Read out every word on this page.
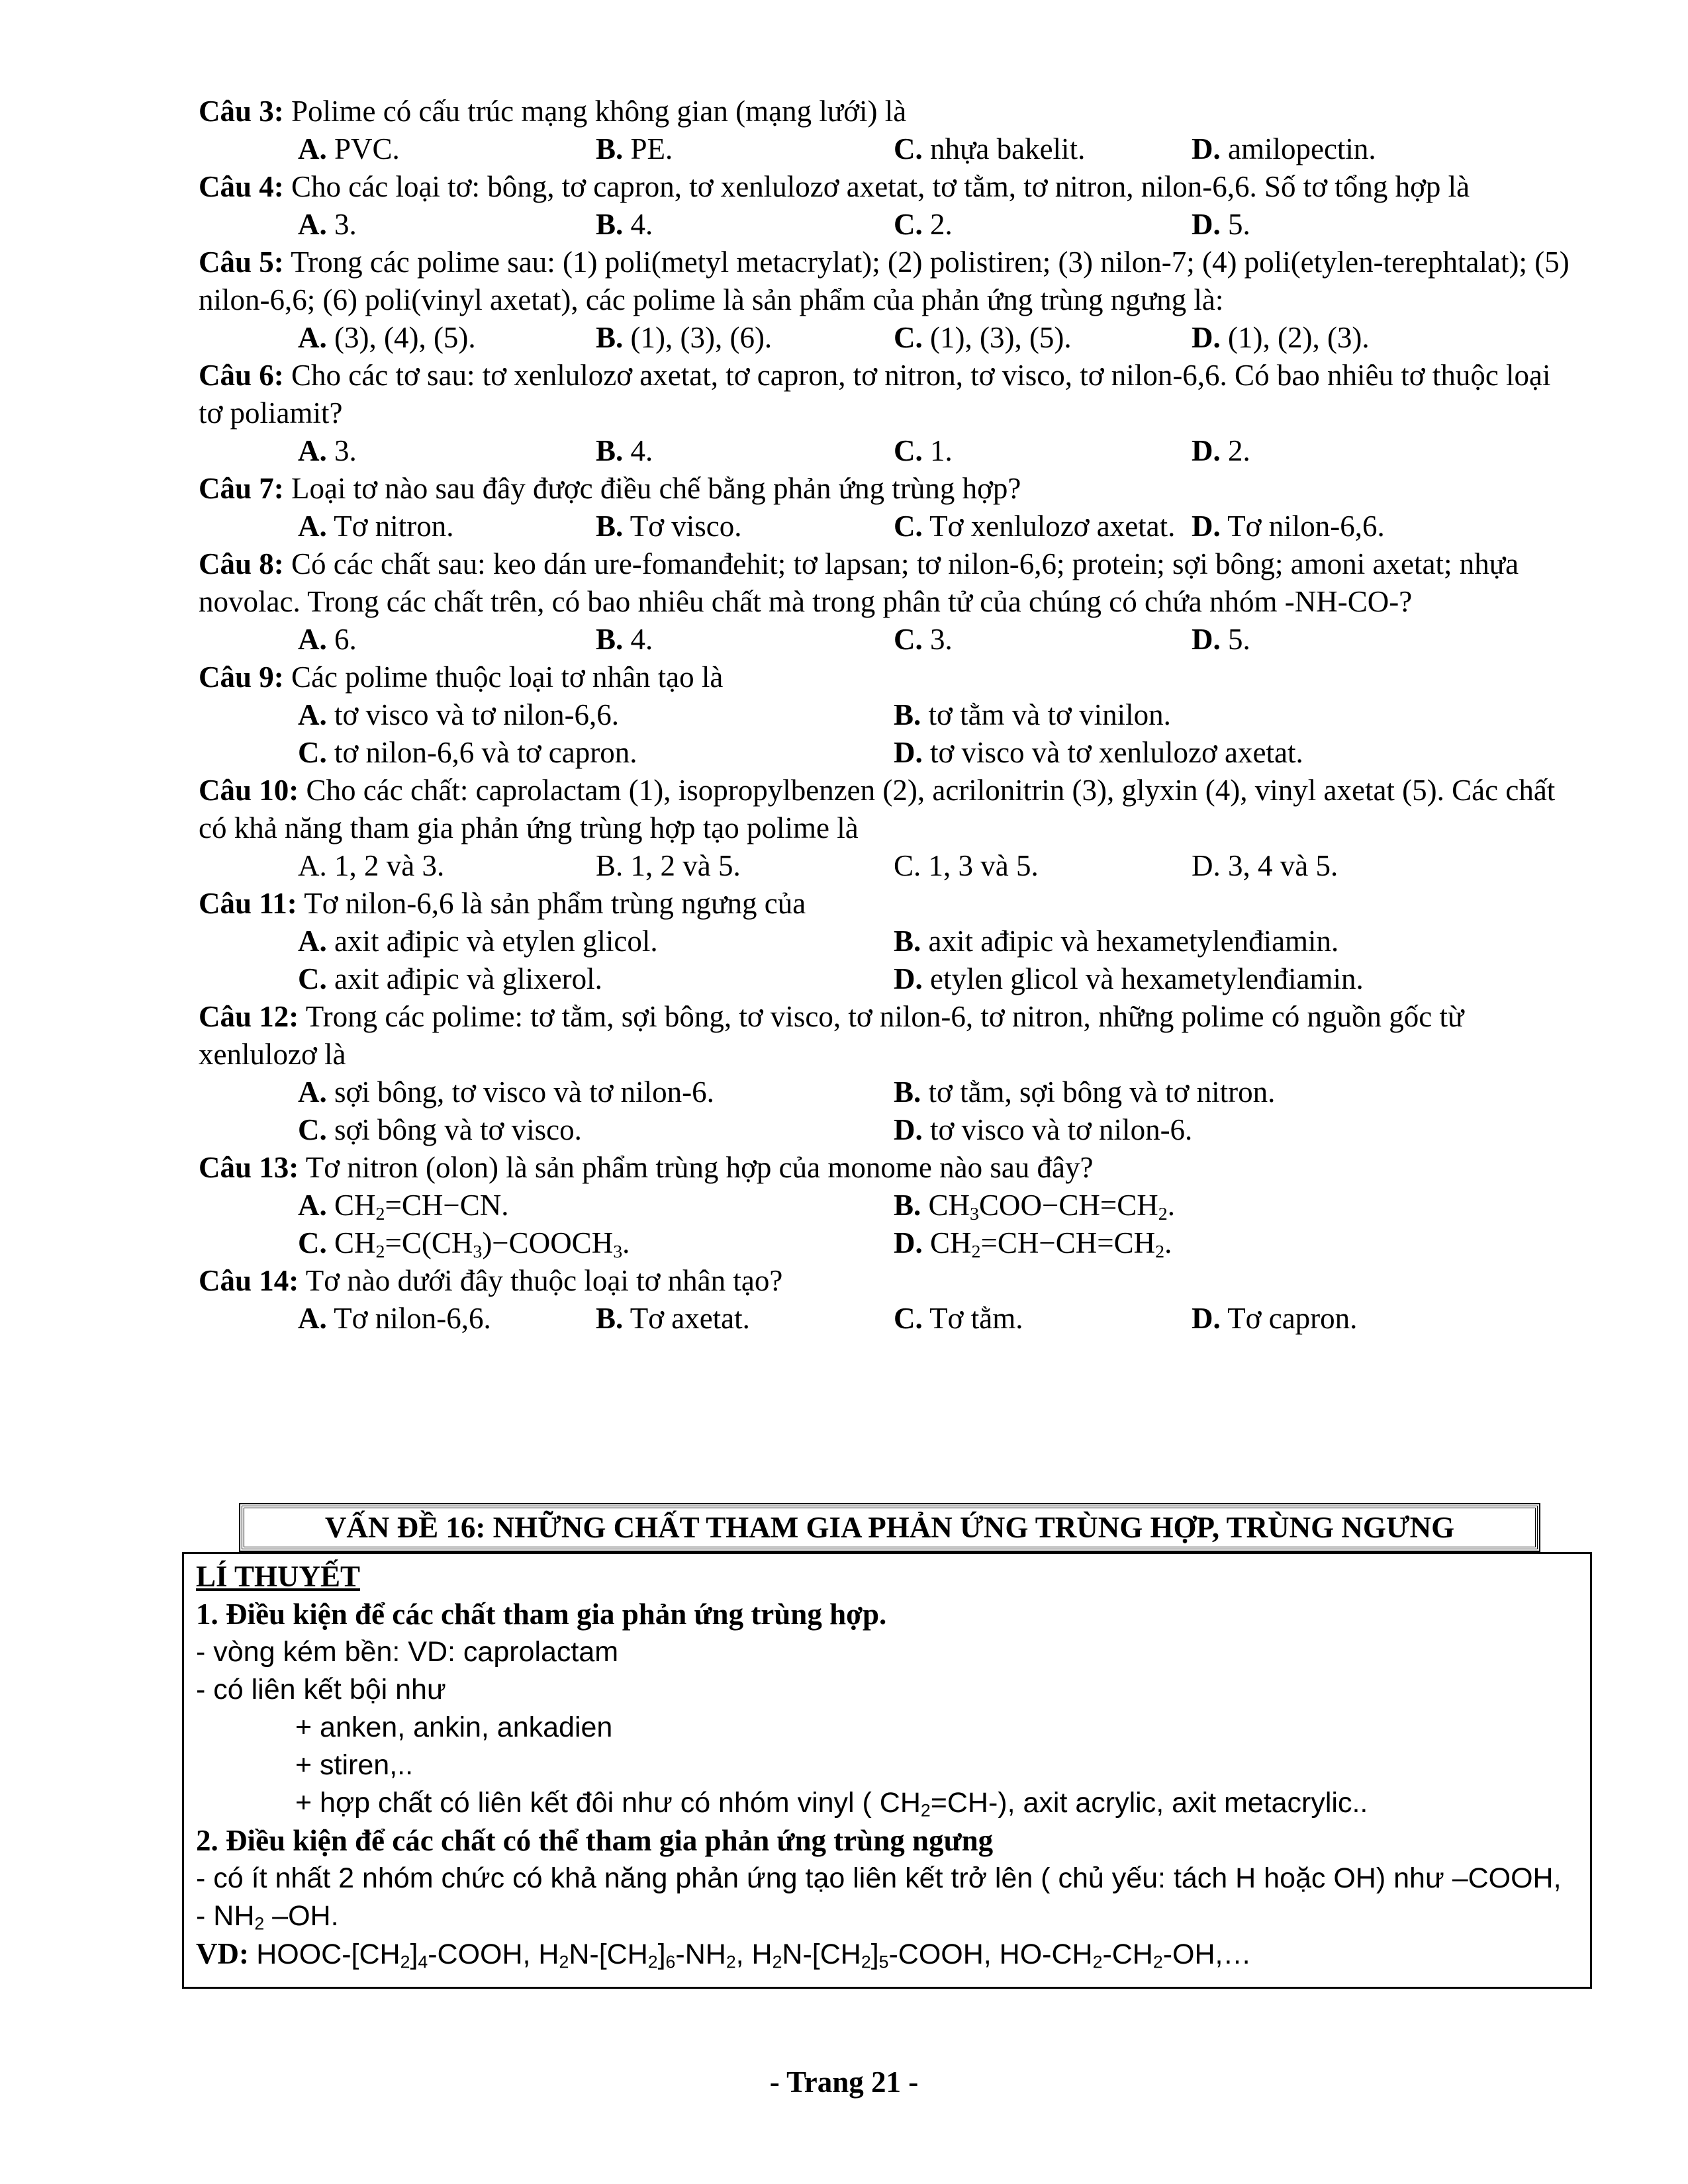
Câu 3: Polime có cấu trúc mạng không gian (mạng lưới) là
A. PVC.	B. PE.	C. nhựa bakelit.	D. amilopectin.
Câu 4: Cho các loại tơ: bông, tơ capron, tơ xenlulozơ axetat, tơ tằm, tơ nitron, nilon-6,6. Số tơ tổng hợp là
A. 3.	B. 4.	C. 2.	D. 5.
Câu 5: Trong các polime sau: (1) poli(metyl metacrylat); (2) polistiren; (3) nilon-7; (4) poli(etylen-terephtalat); (5) nilon-6,6; (6) poli(vinyl axetat), các polime là sản phẩm của phản ứng trùng ngưng là:
A. (3), (4), (5).	B. (1), (3), (6).	C. (1), (3), (5).	D. (1), (2), (3).
Câu 6: Cho các tơ sau: tơ xenlulozơ axetat, tơ capron, tơ nitron, tơ visco, tơ nilon-6,6. Có bao nhiêu tơ thuộc loại tơ poliamit?
A. 3.	B. 4.	C. 1.	D. 2.
Câu 7: Loại tơ nào sau đây được điều chế bằng phản ứng trùng hợp?
A. Tơ nitron.	B. Tơ visco.	C. Tơ xenlulozơ axetat. D. Tơ nilon-6,6.
Câu 8: Có các chất sau: keo dán ure-fomanđehit; tơ lapsan; tơ nilon-6,6; protein; sợi bông; amoni axetat; nhựa novolac. Trong các chất trên, có bao nhiêu chất mà trong phân tử của chúng có chứa nhóm -NH-CO-?
A. 6.	B. 4.	C. 3.	D. 5.
Câu 9: Các polime thuộc loại tơ nhân tạo là
A. tơ visco và tơ nilon-6,6.	B. tơ tằm và tơ vinilon.
C. tơ nilon-6,6 và tơ capron.	D. tơ visco và tơ xenlulozơ axetat.
Câu 10: Cho các chất: caprolactam (1), isopropylbenzen (2), acrilonitrin (3), glyxin (4), vinyl axetat (5). Các chất có khả năng tham gia phản ứng trùng hợp tạo polime là
A. 1, 2 và 3.	B. 1, 2 và 5.	C. 1, 3 và 5.	D. 3, 4 và 5.
Câu 11: Tơ nilon-6,6 là sản phẩm trùng ngưng của
A. axit ađipic và etylen glicol.	B. axit ađipic và hexametylenđiamin.
C. axit ađipic và glixerol.	D. etylen glicol và hexametylenđiamin.
Câu 12: Trong các polime: tơ tằm, sợi bông, tơ visco, tơ nilon-6, tơ nitron, những polime có nguồn gốc từ xenlulozơ là
A. sợi bông, tơ visco và tơ nilon-6.	B. tơ tằm, sợi bông và tơ nitron.
C. sợi bông và tơ visco.	D. tơ visco và tơ nilon-6.
Câu 13: Tơ nitron (olon) là sản phẩm trùng hợp của monome nào sau đây?
A. $CH_2=CH-CN$.	B. $CH_3COO-CH=CH_2$.
C. $CH_2=C(CH_3)-COOCH_3$.	D. $CH_2=CH-CH=CH_2$.
Câu 14: Tơ nào dưới đây thuộc loại tơ nhân tạo?
A. Tơ nilon-6,6.	B. Tơ axetat.	C. Tơ tằm.	D. Tơ capron.
VẤN ĐỀ 16: NHỮNG CHẤT THAM GIA PHẢN ỨNG TRÙNG HỢP, TRÙNG NGƯNG
LÍ THUYẾT
1. Điều kiện để các chất tham gia phản ứng trùng hợp.
- vòng kém bền: VD: caprolactam
- có liên kết bội như
+ anken, ankin, ankadien
+ stiren,..
+ hợp chất có liên kết đôi như có nhóm vinyl ( $CH_2=CH-$), axit acrylic, axit metacrylic..
2. Điều kiện để các chất có thể tham gia phản ứng trùng ngưng
- có ít nhất 2 nhóm chức có khả năng phản ứng tạo liên kết trở lên ( chủ yếu: tách H hoặc OH) như –COOH, - $NH_2$ –OH.
VD: HOOC-$[CH_2]_4$-COOH, $H_2N-[CH_2]_6-NH_2$, $H_2N-[CH_2]_5$-COOH, $HO-CH_2-CH_2-OH,\dots$
- Trang 21 -
